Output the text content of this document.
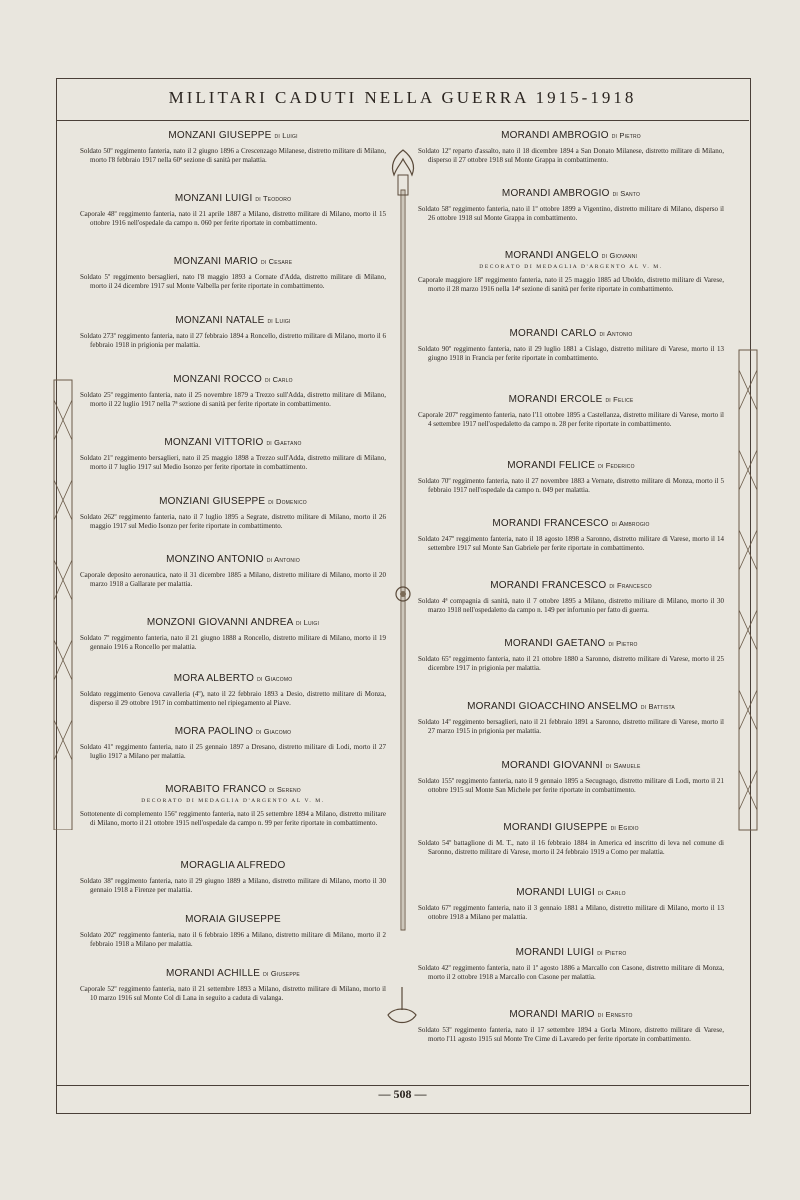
MILITARI CADUTI NELLA GUERRA 1915-1918
MONZANI GIUSEPPE di Luigi
Soldato 50º reggimento fanteria, nato il 2 giugno 1896 a Crescenzago Milanese, distretto militare di Milano, morto l'8 febbraio 1917 nella 60ª sezione di sanità per malattia.
MONZANI LUIGI di Teodoro
Caporale 48º reggimento fanteria, nato il 21 aprile 1887 a Milano, distretto militare di Milano, morto il 15 ottobre 1916 nell'ospedale da campo n. 060 per ferite riportate in combattimento.
MONZANI MARIO di Cesare
Soldato 5º reggimento bersaglieri, nato l'8 maggio 1893 a Cornate d'Adda, distretto militare di Milano, morto il 24 dicembre 1917 sul Monte Valbella per ferite riportate in combattimento.
MONZANI NATALE di Luigi
Soldato 273º reggimento fanteria, nato il 27 febbraio 1894 a Roncello, distretto militare di Milano, morto il 6 febbraio 1918 in prigionia per malattia.
MONZANI ROCCO di Carlo
Soldato 25º reggimento fanteria, nato il 25 novembre 1879 a Trezzo sull'Adda, distretto militare di Milano, morto il 22 luglio 1917 nella 7ª sezione di sanità per ferite riportate in combattimento.
MONZANI VITTORIO di Gaetano
Soldato 21º reggimento bersaglieri, nato il 25 maggio 1898 a Trezzo sull'Adda, distretto militare di Milano, morto il 7 luglio 1917 sul Medio Isonzo per ferite riportate in combattimento.
MONZIANI GIUSEPPE di Domenico
Soldato 262º reggimento fanteria, nato il 7 luglio 1895 a Segrate, distretto militare di Milano, morto il 26 maggio 1917 sul Medio Isonzo per ferite riportate in combattimento.
MONZINO ANTONIO di Antonio
Caporale deposito aeronautica, nato il 31 dicembre 1885 a Milano, distretto militare di Milano, morto il 20 marzo 1918 a Gallarate per malattia.
MONZONI GIOVANNI ANDREA di Luigi
Soldato 7º reggimento fanteria, nato il 21 giugno 1888 a Roncello, distretto militare di Milano, morto il 19 gennaio 1916 a Roncello per malattia.
MORA ALBERTO di Giacomo
Soldato reggimento Genova cavalleria (4º), nato il 22 febbraio 1893 a Desio, distretto militare di Monza, disperso il 29 ottobre 1917 in combattimento nel ripiegamento al Piave.
MORA PAOLINO di Giacomo
Soldato 41º reggimento fanteria, nato il 25 gennaio 1897 a Dresano, distretto militare di Lodi, morto il 27 luglio 1917 a Milano per malattia.
MORABITO FRANCO di Sereno
DECORATO DI MEDAGLIA D'ARGENTO AL V. M.
Sottotenente di complemento 156º reggimento fanteria, nato il 25 settembre 1894 a Milano, distretto militare di Milano, morto il 21 ottobre 1915 nell'ospedale da campo n. 99 per ferite riportate in combattimento.
MORAGLIA ALFREDO
Soldato 38º reggimento fanteria, nato il 29 giugno 1889 a Milano, distretto militare di Milano, morto il 30 gennaio 1918 a Firenze per malattia.
MORAIA GIUSEPPE
Soldato 202º reggimento fanteria, nato il 6 febbraio 1896 a Milano, distretto militare di Milano, morto il 2 febbraio 1918 a Milano per malattia.
MORANDI ACHILLE di Giuseppe
Caporale 52º reggimento fanteria, nato il 21 settembre 1893 a Milano, distretto militare di Milano, morto il 10 marzo 1916 sul Monte Col di Lana in seguito a caduta di valanga.
MORANDI AMBROGIO di Pietro
Soldato 12º reparto d'assalto, nato il 18 dicembre 1894 a San Donato Milanese, distretto militare di Milano, disperso il 27 ottobre 1918 sul Monte Grappa in combattimento.
MORANDI AMBROGIO di Santo
Soldato 58º reggimento fanteria, nato il 1º ottobre 1899 a Vigentino, distretto militare di Milano, disperso il 26 ottobre 1918 sul Monte Grappa in combattimento.
MORANDI ANGELO di Giovanni
DECORATO DI MEDAGLIA D'ARGENTO AL V. M.
Caporale maggiore 18º reggimento fanteria, nato il 25 maggio 1885 ad Uboldo, distretto militare di Varese, morto il 28 marzo 1916 nella 14ª sezione di sanità per ferite riportate in combattimento.
MORANDI CARLO di Antonio
Soldato 90º reggimento fanteria, nato il 29 luglio 1881 a Cislago, distretto militare di Varese, morto il 13 giugno 1918 in Francia per ferite riportate in combattimento.
MORANDI ERCOLE di Felice
Caporale 207º reggimento fanteria, nato l'11 ottobre 1895 a Castellanza, distretto militare di Varese, morto il 4 settembre 1917 nell'ospedaletto da campo n. 28 per ferite riportate in combattimento.
MORANDI FELICE di Federico
Soldato 70º reggimento fanteria, nato il 27 novembre 1883 a Vernate, distretto militare di Monza, morto il 5 febbraio 1917 nell'ospedale da campo n. 049 per malattia.
MORANDI FRANCESCO di Ambrogio
Soldato 247º reggimento fanteria, nato il 18 agosto 1898 a Saronno, distretto militare di Varese, morto il 14 settembre 1917 sul Monte San Gabriele per ferite riportate in combattimento.
MORANDI FRANCESCO di Francesco
Soldato 4ª compagnia di sanità, nato il 7 ottobre 1895 a Milano, distretto militare di Milano, morto il 30 marzo 1918 nell'ospedaletto da campo n. 149 per infortunio per fatto di guerra.
MORANDI GAETANO di Pietro
Soldato 65º reggimento fanteria, nato il 21 ottobre 1880 a Saronno, distretto militare di Varese, morto il 25 dicembre 1917 in prigionia per malattia.
MORANDI GIOACCHINO ANSELMO di Battista
Soldato 14º reggimento bersaglieri, nato il 21 febbraio 1891 a Saronno, distretto militare di Varese, morto il 27 marzo 1915 in prigionia per malattia.
MORANDI GIOVANNI di Samuele
Soldato 155º reggimento fanteria, nato il 9 gennaio 1895 a Secugnago, distretto militare di Lodi, morto il 21 ottobre 1915 sul Monte San Michele per ferite riportate in combattimento.
MORANDI GIUSEPPE di Egidio
Soldato 54º battaglione di M. T., nato il 16 febbraio 1884 in America ed inscritto di leva nel comune di Saronno, distretto militare di Varese, morto il 24 febbraio 1919 a Como per malattia.
MORANDI LUIGI di Carlo
Soldato 67º reggimento fanteria, nato il 3 gennaio 1881 a Milano, distretto militare di Milano, morto il 13 ottobre 1918 a Milano per malattia.
MORANDI LUIGI di Pietro
Soldato 42º reggimento fanteria, nato il 1º agosto 1886 a Marcallo con Casone, distretto militare di Monza, morto il 2 ottobre 1918 a Marcallo con Casone per malattia.
MORANDI MARIO di Ernesto
Soldato 53º reggimento fanteria, nato il 17 settembre 1894 a Gorla Minore, distretto militare di Varese, morto l'11 agosto 1915 sul Monte Tre Cime di Lavaredo per ferite riportate in combattimento.
— 508 —
